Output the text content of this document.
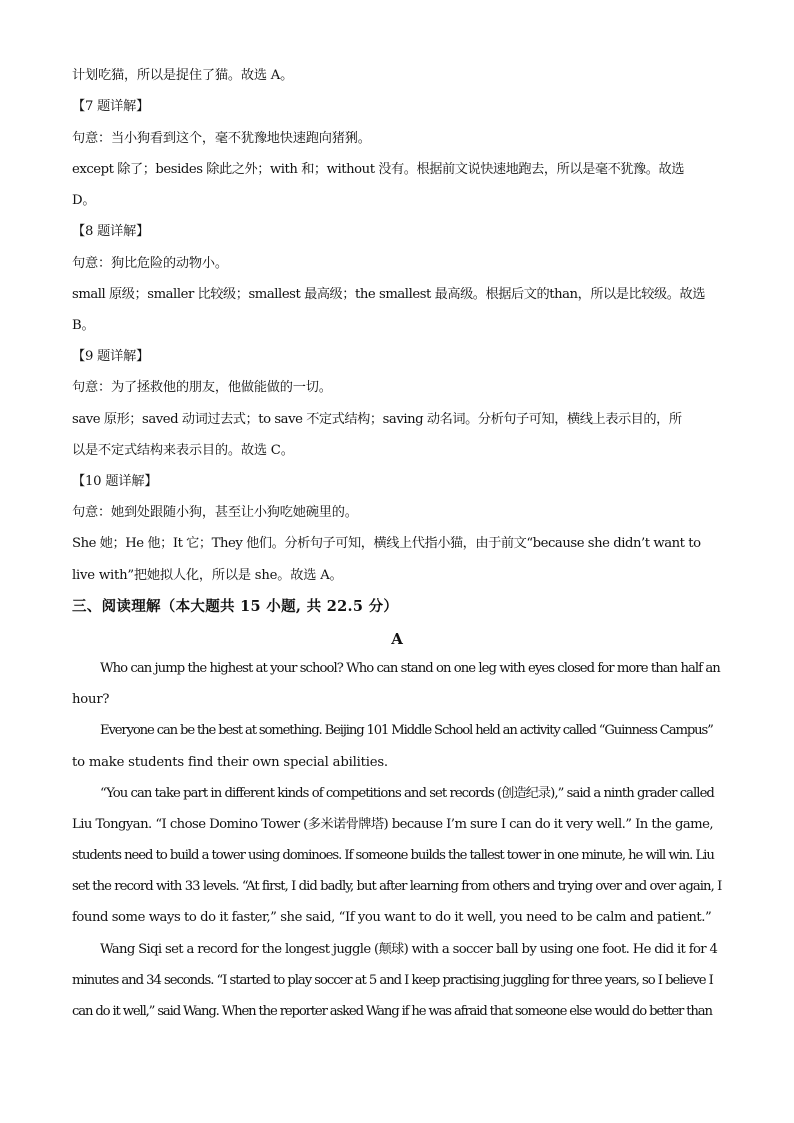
计划吃猫，所以是捉住了猫。故选 A。
【7 题详解】
句意：当小狗看到这个，毫不犹豫地快速跑向猪猁。
except 除了；besides 除此之外；with 和；without 没有。根据前文说快速地跑去，所以是毫不犹豫。故选
D。
【8 题详解】
句意：狗比危险的动物小。
small 原级；smaller 比较级；smallest 最高级；the smallest 最高级。根据后文的than，所以是比较级。故选
B。
【9 题详解】
句意：为了拯救他的朋友，他做能做的一切。
save 原形；saved 动词过去式；to save 不定式结构；saving 动名词。分析句子可知，横线上表示目的，所
以是不定式结构来表示目的。故选 C。
【10 题详解】
句意：她到处跟随小狗，甚至让小狗吃她碗里的。
She 她；He 他；It 它；They 他们。分析句子可知，横线上代指小猫，由于前文“because she didn’t want to
live with”把她拟人化，所以是 she。故选 A。
三、阅读理解（本大题共 15 小题, 共 22.5 分）
A
Who can jump the highest at your school? Who can stand on one leg with eyes closed for more than half an
hour?
Everyone can be the best at something. Beijing 101 Middle School held an activity called “Guinness Campus”
to make students find their own special abilities.
“You can take part in different kinds of competitions and set records (创造纪录),” said a ninth grader called
Liu Tongyan. “I chose Domino Tower (多米诺骨牌塔) because I’m sure I can do it very well.” In the game,
students need to build a tower using dominoes. If someone builds the tallest tower in one minute, he will win. Liu
set the record with 33 levels. “At first, I did badly, but after learning from others and trying over and over again, I
found some ways to do it faster,” she said, “If you want to do it well, you need to be calm and patient.”
Wang Siqi set a record for the longest juggle (颠球) with a soccer ball by using one foot. He did it for 4
minutes and 34 seconds. “I started to play soccer at 5 and I keep practising juggling for three years, so I believe I
can do it well,” said Wang. When the reporter asked Wang if he was afraid that someone else would do better than
